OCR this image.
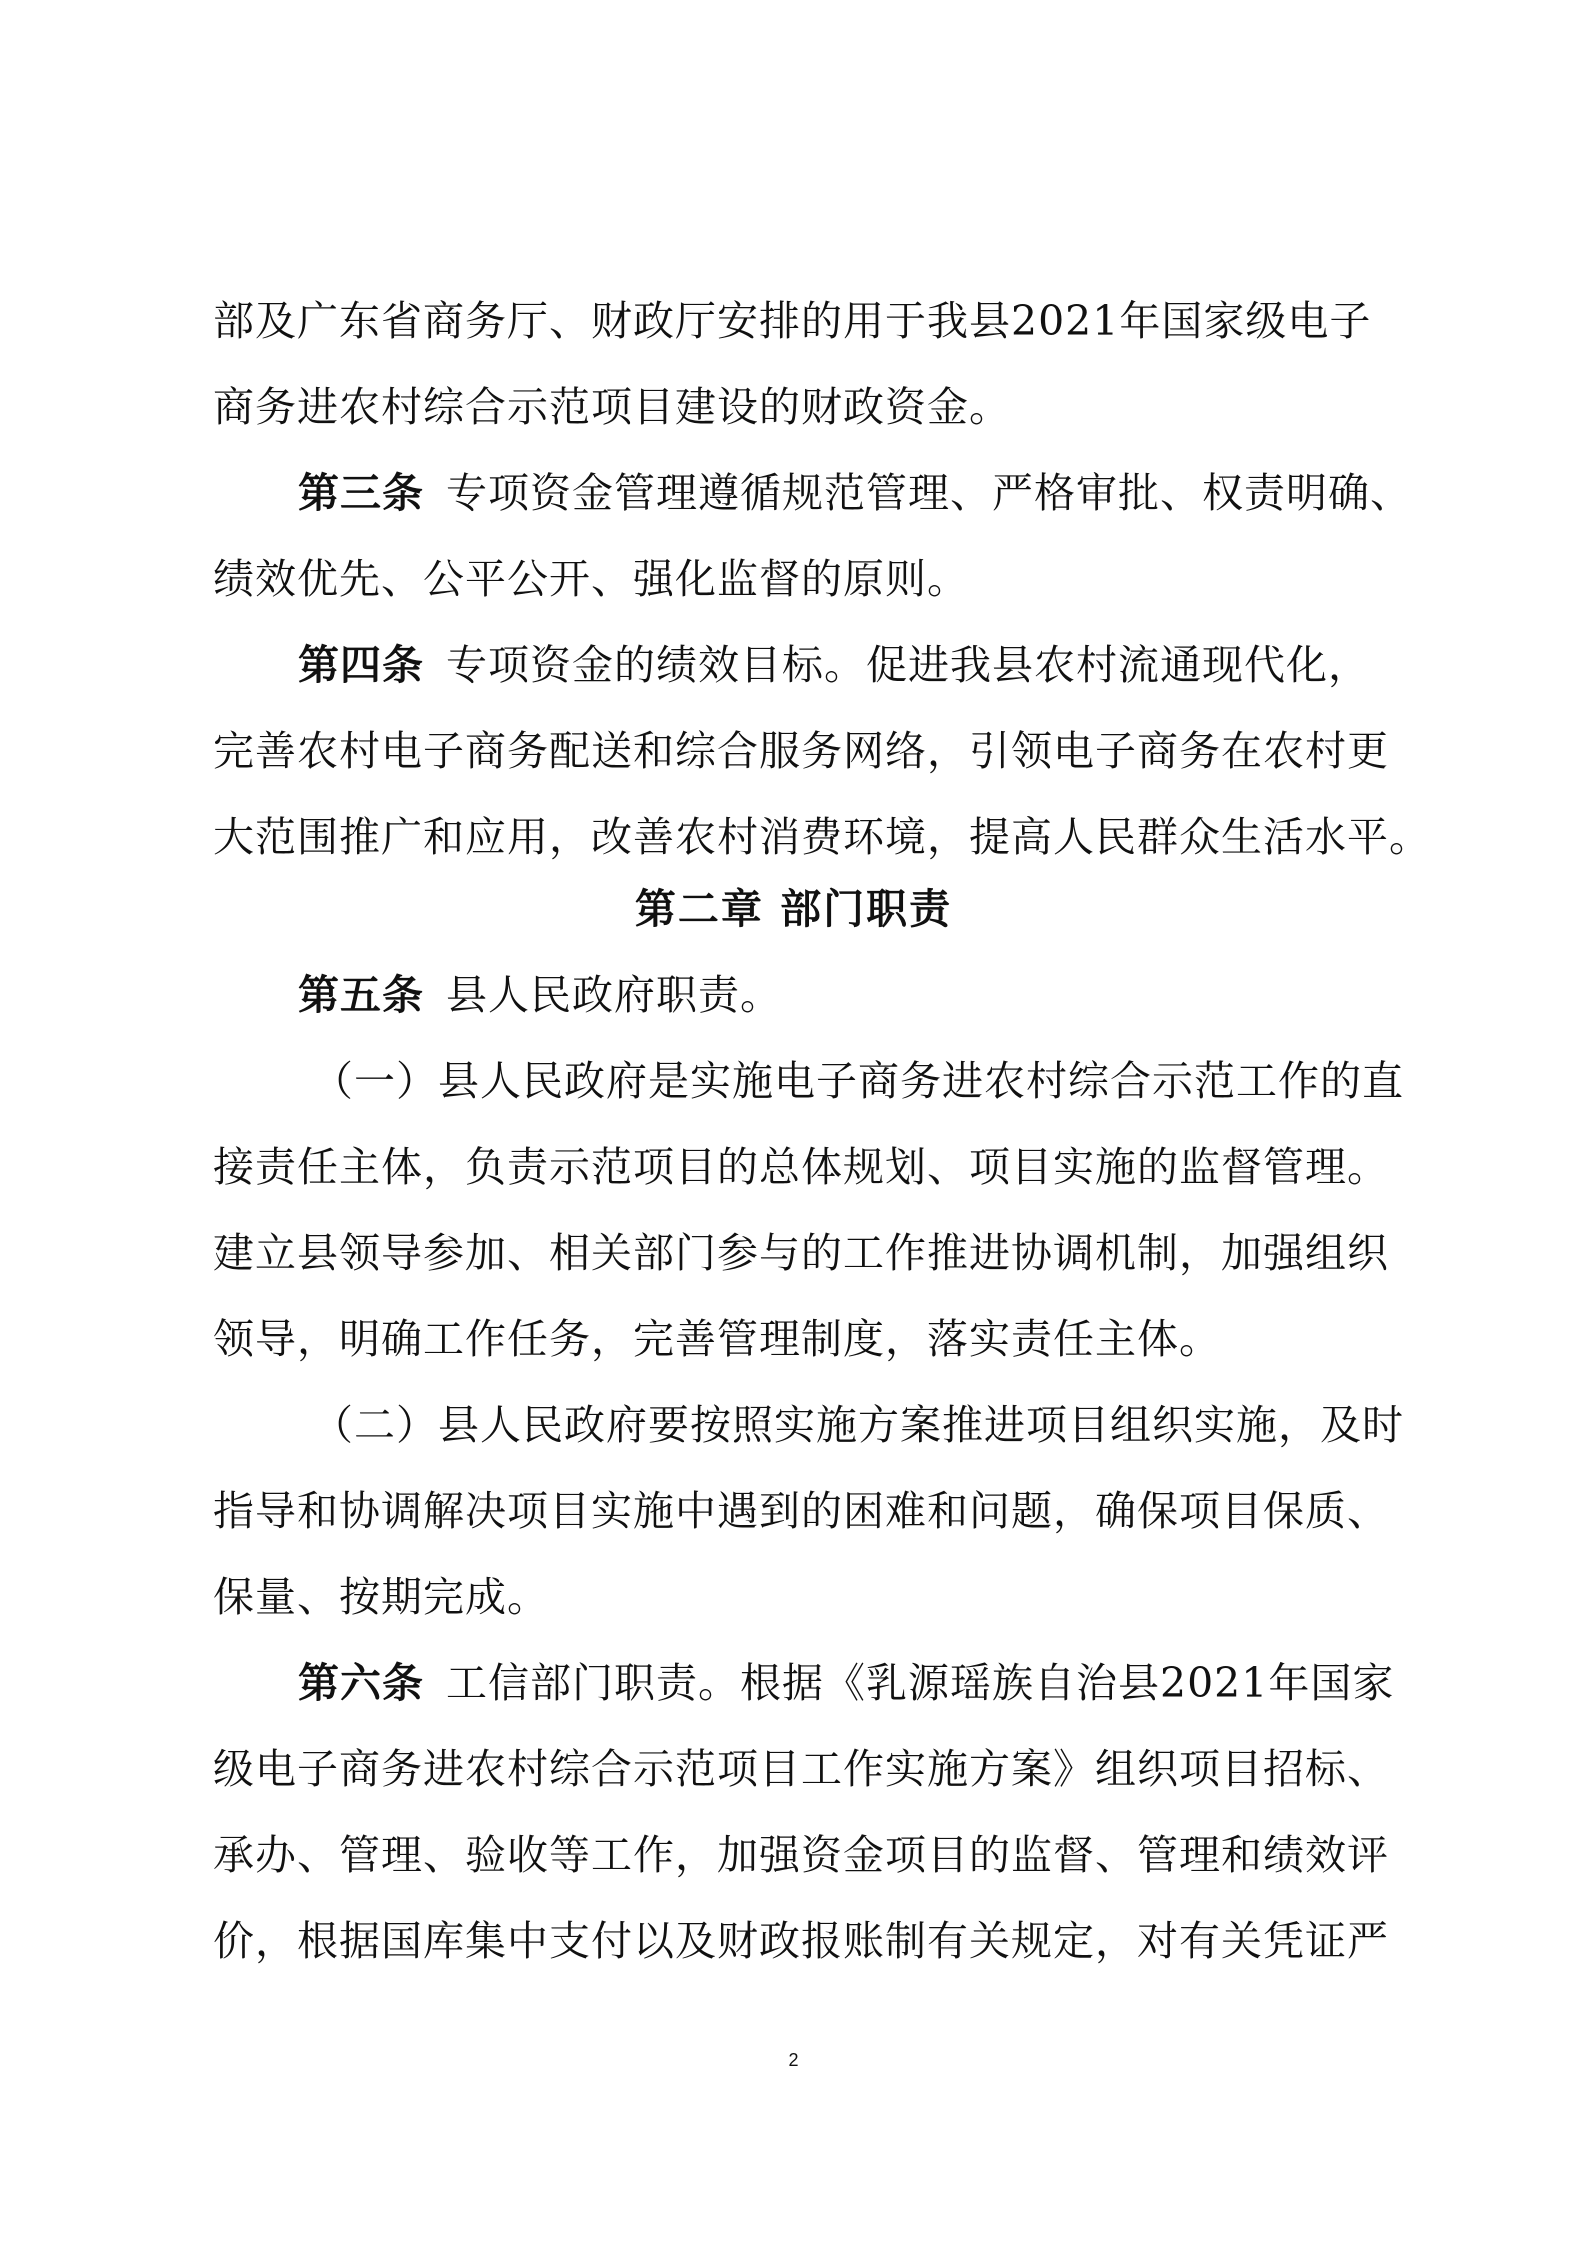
部及广东省商务厅、财政厅安排的用于我县2021年国家级电子
商务进农村综合示范项目建设的财政资金。
第三条 专项资金管理遵循规范管理、严格审批、权责明确、
绩效优先、公平公开、强化监督的原则。
第四条 专项资金的绩效目标。促进我县农村流通现代化，
完善农村电子商务配送和综合服务网络，引领电子商务在农村更
大范围推广和应用，改善农村消费环境，提高人民群众生活水平。
第二章 部门职责
第五条 县人民政府职责。
（一）县人民政府是实施电子商务进农村综合示范工作的直
接责任主体，负责示范项目的总体规划、项目实施的监督管理。
建立县领导参加、相关部门参与的工作推进协调机制，加强组织
领导，明确工作任务，完善管理制度，落实责任主体。
（二）县人民政府要按照实施方案推进项目组织实施，及时
指导和协调解决项目实施中遇到的困难和问题，确保项目保质、
保量、按期完成。
第六条 工信部门职责。根据《乳源瑶族自治县2021年国家
级电子商务进农村综合示范项目工作实施方案》组织项目招标、
承办、管理、验收等工作，加强资金项目的监督、管理和绩效评
价，根据国库集中支付以及财政报账制有关规定，对有关凭证严
2
